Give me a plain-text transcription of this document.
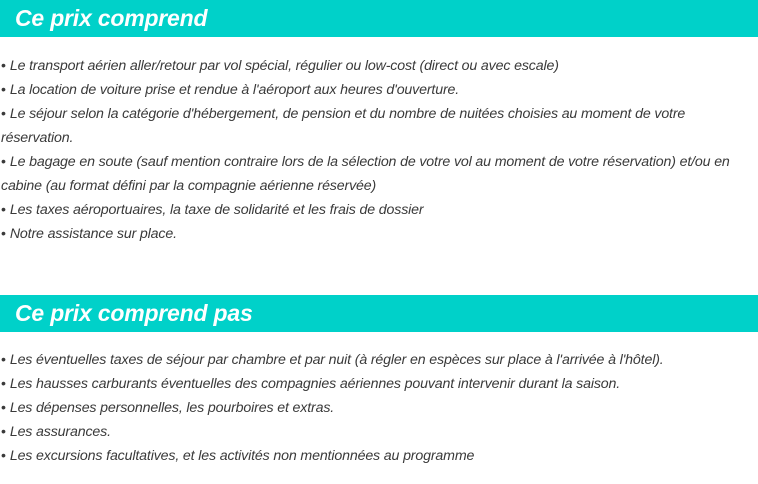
Ce prix comprend
• Le transport aérien aller/retour par vol spécial, régulier ou low-cost (direct ou avec escale)
• La location de voiture prise et rendue à l'aéroport aux heures d'ouverture.
• Le séjour selon la catégorie d'hébergement, de pension et du nombre de nuitées choisies au moment de votre réservation.
• Le bagage en soute (sauf mention contraire lors de la sélection de votre vol au moment de votre réservation) et/ou en cabine (au format défini par la compagnie aérienne réservée)
• Les taxes aéroportuaires, la taxe de solidarité et les frais de dossier
• Notre assistance sur place.
Ce prix comprend pas
• Les éventuelles taxes de séjour par chambre et par nuit (à régler en espèces sur place à l'arrivée à l'hôtel).
• Les hausses carburants éventuelles des compagnies aériennes pouvant intervenir durant la saison.
• Les dépenses personnelles, les pourboires et extras.
• Les assurances.
• Les excursions facultatives, et les activités non mentionnées au programme
